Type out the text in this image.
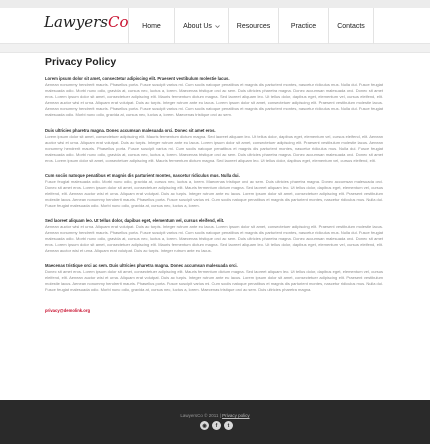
LawyersCo Home	About Us	Resources	Practice	Contacts
Privacy Policy
Lorem ipsum dolor sit amet, consectetur adipiscing elit. Praesent vestibulum molestie lacus.
Aenean nonummy hendrerit mauris. Phasellus porta. Fusce suscipit varius mi. Cum sociis natoque penatibus et magnis dis parturient montes, nascetur ridiculus mus. Nulla dui. Fusce feugiat malesuada odio. Morbi nunc odio, gravida at, cursus nec, luctus a, lorem. Maecenas tristique orci ac sem. Duis ultricies pharetra magna. Donec accumsan malesuada orci. Donec sit amet eros. Lorem ipsum dolor sit amet, consectetuer adipiscing elit. Mauris fermentum dictum magna. Sed laoreet aliquam leo. Ut tellus dolor, dapibus eget, elementum vel, cursus eleifend, elit. Aenean auctor wisi et urna. Aliquam erat volutpat. Duis ac turpis. Integer rutrum ante eu lacus. Lorem ipsum dolor sit amet, consectetuer adipiscing elit. Praesent vestibulum molestie lacus. Aenean nonummy hendrerit mauris. Phasellus porta. Fusce suscipit varius mi. Cum sociis natoque penatibus et magnis dis parturient montes, nascetur ridiculus mus. Nulla dui. Fusce feugiat malesuada odio. Morbi nunc odio, gravida at, cursus nec, luctus a, lorem. Maecenas tristique orci ac sem.
Duis ultricies pharetra magna. Donec accumsan malesuada orci. Donec sit amet eros.
Lorem ipsum dolor sit amet, consectetuer adipiscing elit. Mauris fermentum dictum magna. Sed laoreet aliquam leo. Ut tellus dolor, dapibus eget, elementum vel, cursus eleifend, elit. Aenean auctor wisi et urna. Aliquam erat volutpat. Duis ac turpis. Integer rutrum ante eu lacus. Lorem ipsum dolor sit amet, consectetuer adipiscing elit. Praesent vestibulum molestie lacus. Aenean nonummy hendrerit mauris. Phasellus porta. Fusce suscipit varius mi. Cum sociis natoque penatibus et magnis dis parturient montes, nascetur ridiculus mus. Nulla dui. Fusce feugiat malesuada odio. Morbi nunc odio, gravida at, cursus nec, luctus a, lorem. Maecenas tristique orci ac sem. Duis ultricies pharetra magna. Donec accumsan malesuada orci. Donec sit amet eros. Lorem ipsum dolor sit amet, consectetuer adipiscing elit. Mauris fermentum dictum magna. Sed laoreet aliquam leo. Ut tellus dolor, dapibus eget, elementum vel, cursus eleifend, elit.
Cum sociis natoque penatibus et magnis dis parturient montes, nascetur ridiculus mus. Nulla dui.
Fusce feugiat malesuada odio. Morbi nunc odio, gravida at, cursus nec, luctus a, lorem. Maecenas tristique orci ac sem. Duis ultricies pharetra magna. Donec accumsan malesuada orci. Donec sit amet eros. Lorem ipsum dolor sit amet, consectetuer adipiscing elit. Mauris fermentum dictum magna. Sed laoreet aliquam leo. Ut tellus dolor, dapibus eget, elementum vel, cursus eleifend, elit. Aenean auctor wisi et urna. Aliquam erat volutpat. Duis ac turpis. Integer rutrum ante eu lacus. Lorem ipsum dolor sit amet, consectetuer adipiscing elit. Praesent vestibulum molestie lacus. Aenean nonummy hendrerit mauris. Phasellus porta. Fusce suscipit varius mi. Cum sociis natoque penatibus et magnis dis parturient montes, nascetur ridiculus mus. Nulla dui. Fusce feugiat malesuada odio. Morbi nunc odio, gravida at, cursus nec, luctus a, lorem.
Sed laoreet aliquam leo. Ut tellus dolor, dapibus eget, elementum vel, cursus eleifend, elit.
Aenean auctor wisi et urna. Aliquam erat volutpat. Duis ac turpis. Integer rutrum ante eu lacus. Lorem ipsum dolor sit amet, consectetuer adipiscing elit. Praesent vestibulum molestie lacus. Aenean nonummy hendrerit mauris. Phasellus porta. Fusce suscipit varius mi. Cum sociis natoque penatibus et magnis dis parturient montes, nascetur ridiculus mus. Nulla dui. Fusce feugiat malesuada odio. Morbi nunc odio, gravida at, cursus nec, luctus a, lorem. Maecenas tristique orci ac sem. Duis ultricies pharetra magna. Donec accumsan malesuada orci. Donec sit amet eros. Lorem ipsum dolor sit amet, consectetuer adipiscing elit. Mauris fermentum dictum magna. Sed laoreet aliquam leo. Ut tellus dolor, dapibus eget, elementum vel, cursus eleifend, elit. Aenean auctor wisi et urna. Aliquam erat volutpat. Duis ac turpis. Integer rutrum ante eu lacus.
Maecenas tristique orci ac sem. Duis ultricies pharetra magna. Donec accumsan malesuada orci.
Donec sit amet eros. Lorem ipsum dolor sit amet, consectetuer adipiscing elit. Mauris fermentum dictum magna. Sed laoreet aliquam leo. Ut tellus dolor, dapibus eget, elementum vel, cursus eleifend, elit. Aenean auctor wisi et urna. Aliquam erat volutpat. Duis ac turpis. Integer rutrum ante eu lacus. Lorem ipsum dolor sit amet, consectetuer adipiscing elit. Praesent vestibulum molestie lacus. Aenean nonummy hendrerit mauris. Phasellus porta. Fusce suscipit varius mi. Cum sociis natoque penatibus et magnis dis parturient montes, nascetur ridiculus mus. Nulla dui. Fusce feugiat malesuada odio. Morbi nunc odio, gravida at, cursus nec, luctus a, lorem. Maecenas tristique orci ac sem. Duis ultricies pharetra magna.
privacy@demolink.org
LawyersCo © 2011 | Privacy policy
◉	f	t
